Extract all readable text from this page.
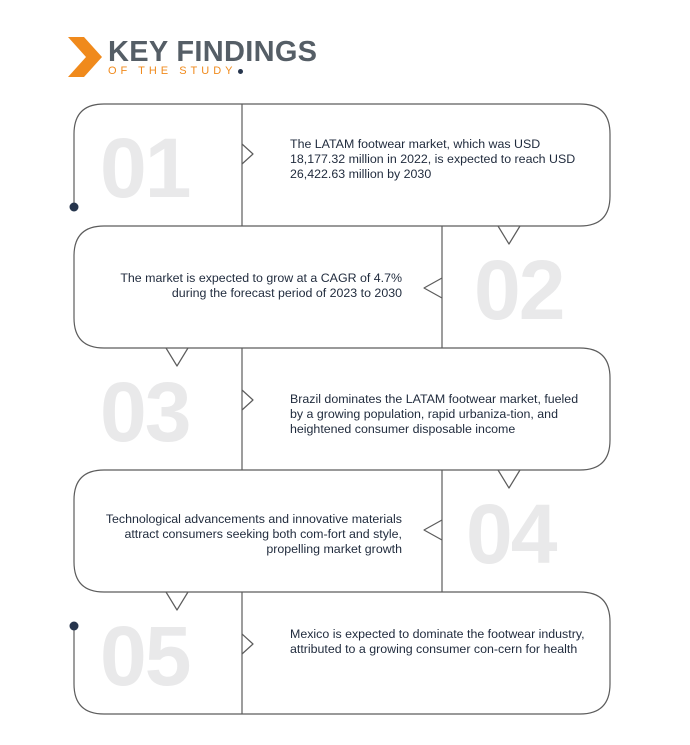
KEY FINDINGS
OF THE STUDY
01
02
03
04
05
The LATAM footwear market, which was USD 18,177.32 million in 2022, is expected to reach USD 26,422.63 million by 2030
The market is expected to grow at a CAGR of 4.7% during the forecast period of 2023 to 2030
Brazil dominates the LATAM footwear market, fueled by a growing population, rapid urbaniza-tion, and heightened consumer disposable income
Technological advancements and innovative materials attract consumers seeking both com-fort and style, propelling market growth
Mexico is expected to dominate the footwear industry, attributed to a growing consumer con-cern for health
